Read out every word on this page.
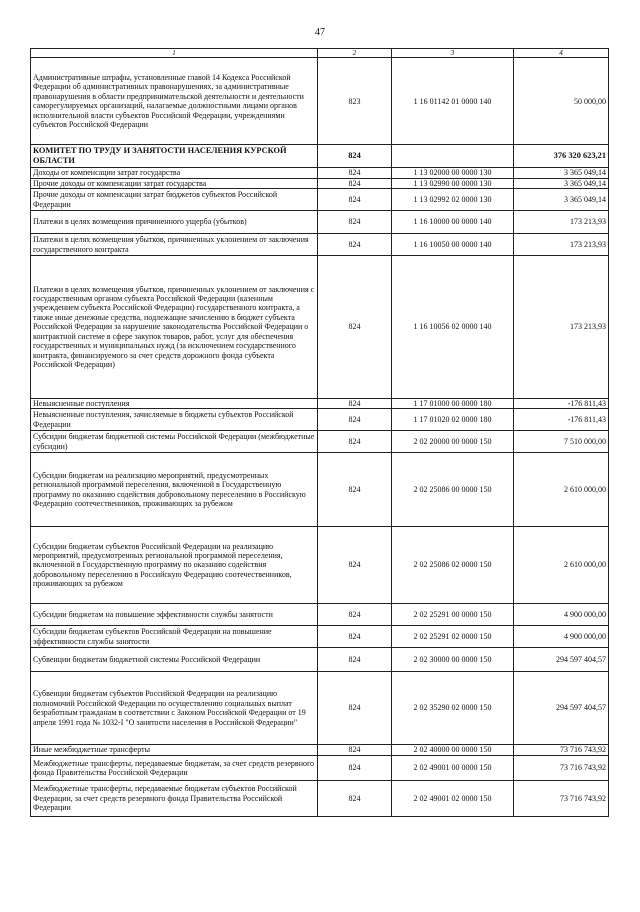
47
1	2	3	4
Административные штрафы, установленные главой 14 Кодекса Российской Федерации об административных правонарушениях, за административные правонарушения в области предпринимательской деятельности и деятельности саморегулируемых организаций, налагаемые должностными лицами органов исполнительной власти субъектов Российской Федерации, учреждениями субъектов Российской Федерации	823	1 16 01142 01 0000 140	50 000,00
КОМИТЕТ ПО ТРУДУ И ЗАНЯТОСТИ НАСЕЛЕНИЯ КУРСКОЙ ОБЛАСТИ	824		376 320 623,21
Доходы от компенсации затрат государства	824	1 13 02000 00 0000 130	3 365 049,14
Прочие доходы от компенсации затрат государства	824	1 13 02990 00 0000 130	3 365 049,14
Прочие доходы от компенсации затрат бюджетов субъектов Российской Федерации	824	1 13 02992 02 0000 130	3 365 049,14
Платежи в целях возмещения причиненного ущерба (убытков)	824	1 16 10000 00 0000 140	173 213,93
Платежи в целях возмещения убытков, причиненных уклонением от заключения государственного контракта	824	1 16 10050 00 0000 140	173 213,93
Платежи в целях возмещения убытков, причиненных уклонением от заключения с государственным органом субъекта Российской Федерации (казенным учреждением субъекта Российской Федерации) государственного контракта, а также иные денежные средства, подлежащие зачислению в бюджет субъекта Российской Федерации за нарушение законодательства Российской Федерации о контрактной системе в сфере закупок товаров, работ, услуг для обеспечения государственных и муниципальных нужд (за исключением государственного контракта, финансируемого за счет средств дорожного фонда субъекта Российской Федерации)	824	1 16 10056 02 0000 140	173 213,93
Невыясненные поступления	824	1 17 01000 00 0000 180	-176 811,43
Невыясненные поступления, зачисляемые в бюджеты субъектов Российской Федерации	824	1 17 01020 02 0000 180	-176 811,43
Субсидии бюджетам бюджетной системы Российской Федерации (межбюджетные субсидии)	824	2 02 20000 00 0000 150	7 510 000,00
Субсидии бюджетам на реализацию мероприятий, предусмотренных региональной программой переселения, включенной в Государственную программу по оказанию содействия добровольному переселению в Российскую Федерацию соотечественников, проживающих за рубежом	824	2 02 25086 00 0000 150	2 610 000,00
Субсидии бюджетам субъектов Российской Федерации на реализацию мероприятий, предусмотренных региональной программой переселения, включенной в Государственную программу по оказанию содействия добровольному переселению в Российскую Федерацию соотечественников, проживающих за рубежом	824	2 02 25086 02 0000 150	2 610 000,00
Субсидии бюджетам на повышение эффективности службы занятости	824	2 02 25291 00 0000 150	4 900 000,00
Субсидии бюджетам субъектов Российской Федерации на повышение эффективности службы занятости	824	2 02 25291 02 0000 150	4 900 000,00
Субвенции бюджетам бюджетной системы Российской Федерации	824	2 02 30000 00 0000 150	294 597 404,57
Субвенции бюджетам субъектов Российской Федерации на реализацию полномочий Российской Федерации по осуществлению социальных выплат безработным гражданам в соответствии с Законом Российской Федерации от 19 апреля 1991 года № 1032-I "О занятости населения в Российской Федерации"	824	2 02 35290 02 0000 150	294 597 404,57
Иные межбюджетные трансферты	824	2 02 40000 00 0000 150	73 716 743,92
Межбюджетные трансферты, передаваемые бюджетам, за счет средств резервного фонда Правительства Российской Федерации	824	2 02 49001 00 0000 150	73 716 743,92
Межбюджетные трансферты, передаваемые бюджетам субъектов Российской Федерации, за счет средств резервного фонда Правительства Российской Федерации	824	2 02 49001 02 0000 150	73 716 743,92
